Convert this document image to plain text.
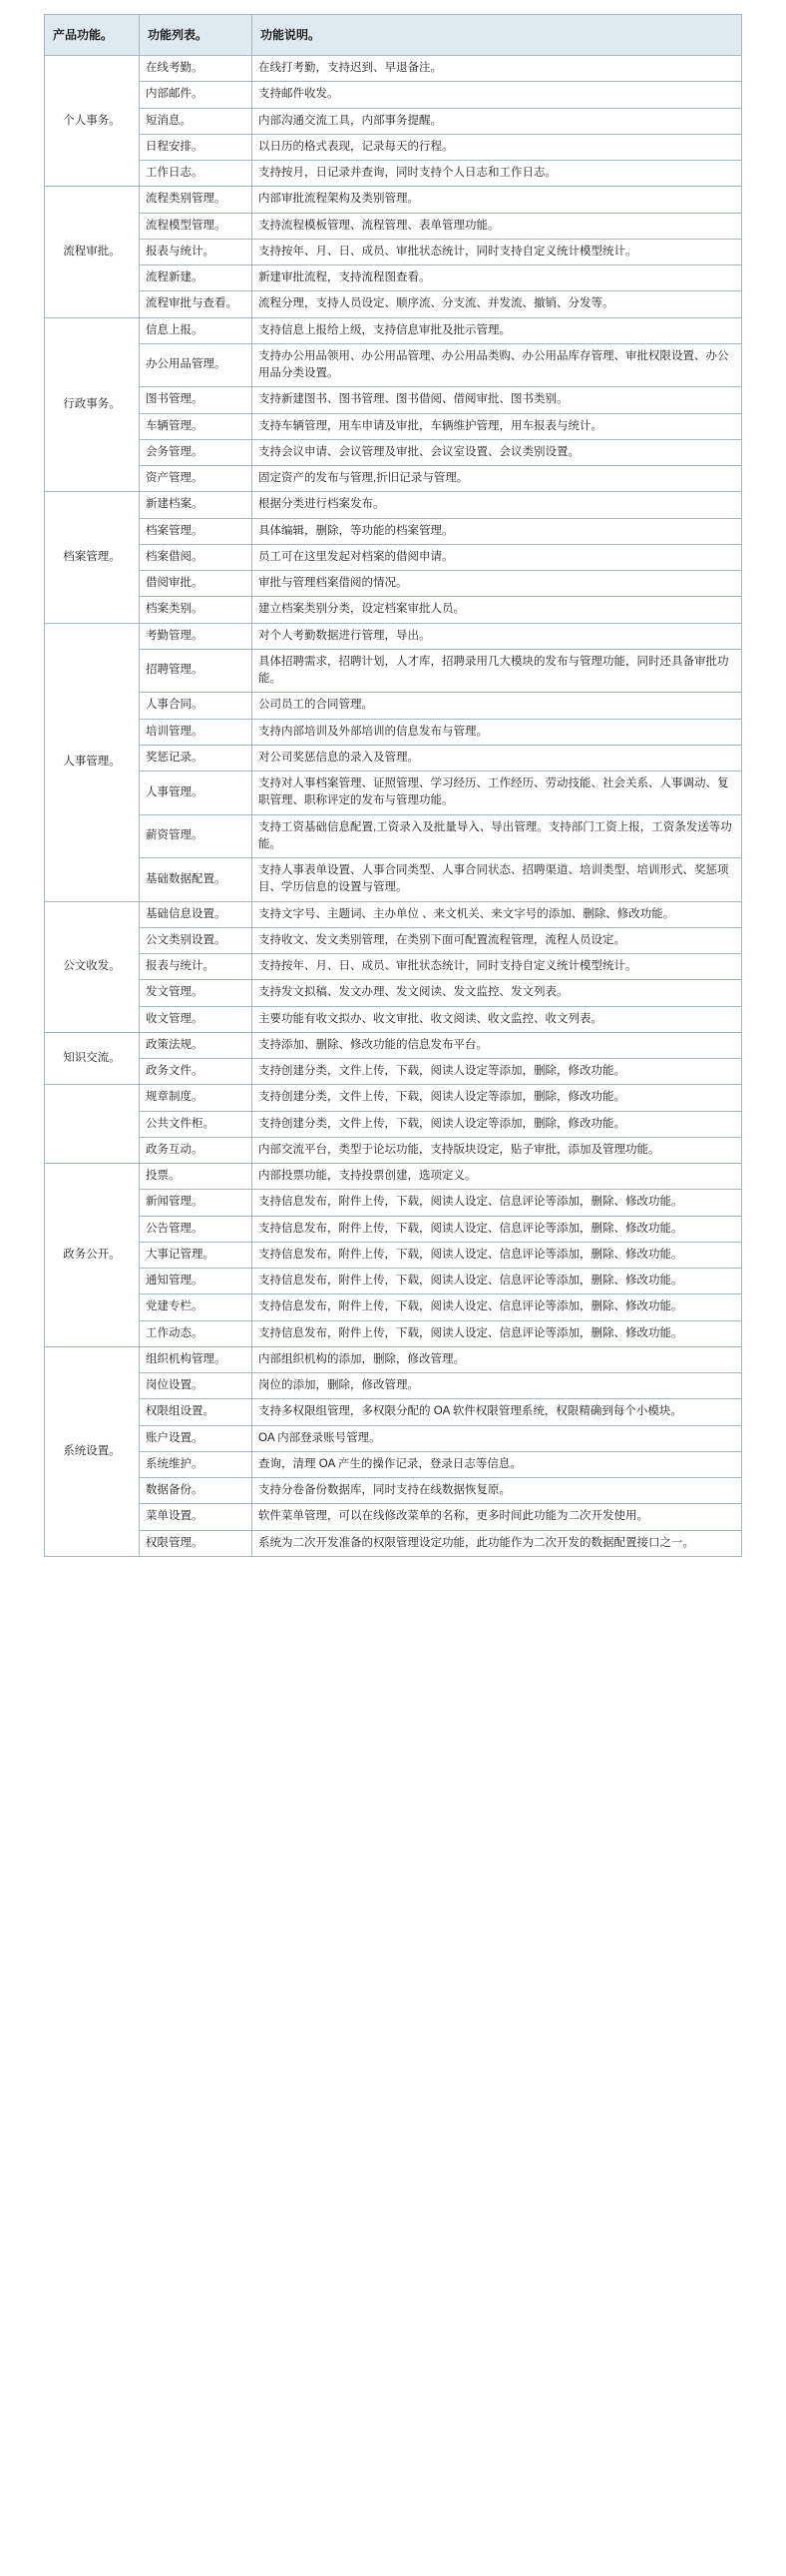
产品功能。	功能列表。	功能说明。
个人事务。	在线考勤。	在线打考勤，支持迟到、早退备注。
	内部邮件。	支持邮件收发。
	短消息。	内部沟通交流工具，内部事务提醒。
	日程安排。	以日历的格式表现，记录每天的行程。
	工作日志。	支持按月，日记录并查询，同时支持个人日志和工作日志。
流程审批。	流程类别管理。	内部审批流程架构及类别管理。
	流程模型管理。	支持流程模板管理、流程管理、表单管理功能。
	报表与统计。	支持按年、月、日、成员、审批状态统计，同时支持自定义统计模型统计。
	流程新建。	新建审批流程，支持流程图查看。
	流程审批与查看。	流程分理，支持人员设定、顺序流、分支流、并发流、撤销、分发等。
行政事务。	信息上报。	支持信息上报给上级，支持信息审批及批示管理。
	办公用品管理。	支持办公用品领用、办公用品管理、办公用品类购、办公用品库存管理、审批权限设置、办公用品分类设置。
	图书管理。	支持新建图书、图书管理、图书借阅、借阅审批、图书类别。
	车辆管理。	支持车辆管理，用车申请及审批，车辆维护管理，用车报表与统计。
	会务管理。	支持会议申请、会议管理及审批、会议室设置、会议类别设置。
	资产管理。	固定资产的发布与管理,折旧记录与管理。
档案管理。	新建档案。	根据分类进行档案发布。
	档案管理。	具体编辑，删除，等功能的档案管理。
	档案借阅。	员工可在这里发起对档案的借阅申请。
	借阅审批。	审批与管理档案借阅的情况。
	档案类别。	建立档案类别分类，设定档案审批人员。
人事管理。	考勤管理。	对个人考勤数据进行管理，导出。
	招聘管理。	具体招聘需求，招聘计划，人才库，招聘录用几大模块的发布与管理功能，同时还具备审批功能。
	人事合同。	公司员工的合同管理。
	培训管理。	支持内部培训及外部培训的信息发布与管理。
	奖惩记录。	对公司奖惩信息的录入及管理。
	人事管理。	支持对人事档案管理、证照管理、学习经历、工作经历、劳动技能、社会关系、人事调动、复职管理、职称评定的发布与管理功能。
	薪资管理。	支持工资基础信息配置,工资录入及批量导入、导出管理。支持部门工资上报，工资条发送等功能。
	基础数据配置。	支持人事表单设置、人事合同类型、人事合同状态、招聘渠道、培训类型、培训形式、奖惩项目、学历信息的设置与管理。
公文收发。	基础信息设置。	支持文字号、主题词、主办单位 、来文机关、来文字号的添加、删除、修改功能。
	公文类别设置。	支持收文、发文类别管理，在类别下面可配置流程管理，流程人员设定。
	报表与统计。	支持按年、月、日、成员、审批状态统计，同时支持自定义统计模型统计。
	发文管理。	支持发文拟稿、发文办理、发文阅读、发文监控、发文列表。
	收文管理。	主要功能有收文拟办、收文审批、收文阅读、收文监控、收文列表。
知识交流。	政策法规。	支持添加、删除、修改功能的信息发布平台。
	政务文件。	支持创建分类，文件上传，下载，阅读人设定等添加，删除，修改功能。
	规章制度。	支持创建分类，文件上传，下载，阅读人设定等添加，删除，修改功能。
	公共文件柜。	支持创建分类，文件上传，下载，阅读人设定等添加，删除，修改功能。
	政务互动。	内部交流平台，类型于论坛功能，支持版块设定，贴子审批，添加及管理功能。
政务公开。	投票。	内部投票功能，支持投票创建，选项定义。
	新闻管理。	支持信息发布，附件上传，下载，阅读人设定、信息评论等添加，删除、修改功能。
	公告管理。	支持信息发布，附件上传，下载，阅读人设定、信息评论等添加，删除、修改功能。
	大事记管理。	支持信息发布，附件上传，下载，阅读人设定、信息评论等添加，删除、修改功能。
	通知管理。	支持信息发布，附件上传，下载，阅读人设定、信息评论等添加，删除、修改功能。
	党建专栏。	支持信息发布，附件上传，下载，阅读人设定、信息评论等添加，删除、修改功能。
	工作动态。	支持信息发布，附件上传，下载，阅读人设定、信息评论等添加，删除、修改功能。
系统设置。	组织机构管理。	内部组织机构的添加，删除，修改管理。
	岗位设置。	岗位的添加，删除，修改管理。
	权限组设置。	支持多权限组管理，多权限分配的 OA 软件权限管理系统，权限精确到每个小模块。
	账户设置。	OA 内部登录账号管理。
	系统维护。	查询，清理 OA 产生的操作记录，登录日志等信息。
	数据备份。	支持分卷备份数据库，同时支持在线数据恢复原。
	菜单设置。	软件菜单管理，可以在线修改菜单的名称，更多时间此功能为二次开发使用。
	权限管理。	系统为二次开发准备的权限管理设定功能，此功能作为二次开发的数据配置接口之一。
